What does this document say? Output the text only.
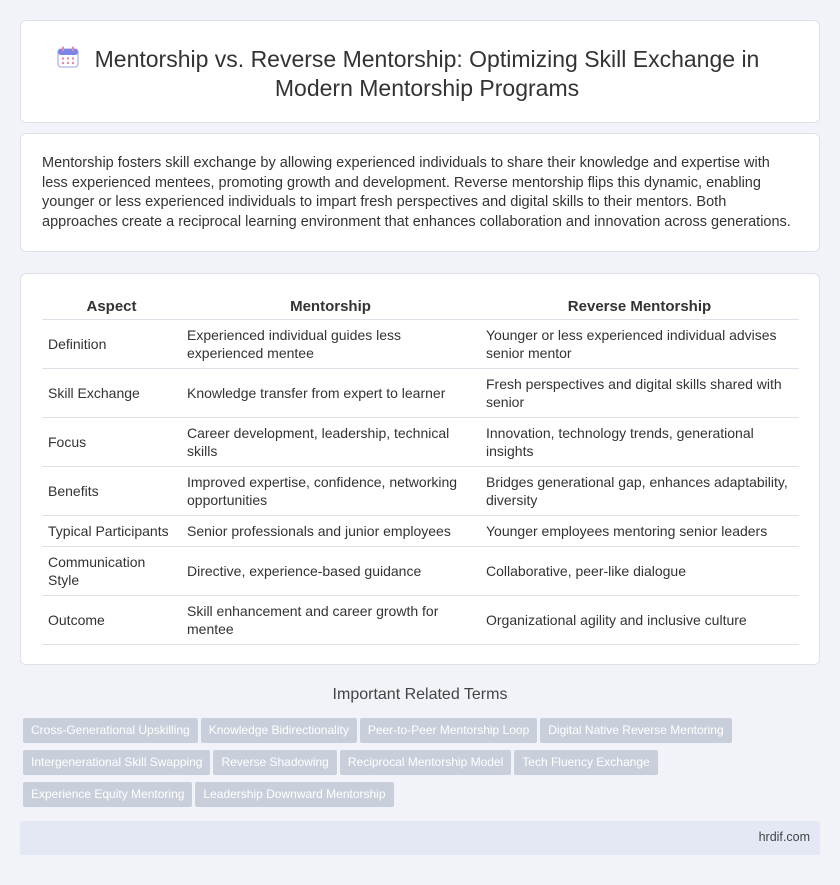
Mentorship vs. Reverse Mentorship: Optimizing Skill Exchange in Modern Mentorship Programs

Mentorship fosters skill exchange by allowing experienced individuals to share their knowledge and expertise with less experienced mentees, promoting growth and development. Reverse mentorship flips this dynamic, enabling younger or less experienced individuals to impart fresh perspectives and digital skills to their mentors. Both approaches create a reciprocal learning environment that enhances collaboration and innovation across generations.

Aspect	Mentorship	Reverse Mentorship
Definition	Experienced individual guides less experienced mentee	Younger or less experienced individual advises senior mentor
Skill Exchange	Knowledge transfer from expert to learner	Fresh perspectives and digital skills shared with senior
Focus	Career development, leadership, technical skills	Innovation, technology trends, generational insights
Benefits	Improved expertise, confidence, networking opportunities	Bridges generational gap, enhances adaptability, diversity
Typical Participants	Senior professionals and junior employees	Younger employees mentoring senior leaders
Communication Style	Directive, experience-based guidance	Collaborative, peer-like dialogue
Outcome	Skill enhancement and career growth for mentee	Organizational agility and inclusive culture
Important Related Terms
Cross-Generational Upskilling Knowledge Bidirectionality Peer-to-Peer Mentorship Loop Digital Native Reverse Mentoring
Intergenerational Skill Swapping Reverse Shadowing Reciprocal Mentorship Model Tech Fluency Exchange
Experience Equity Mentoring Leadership Downward Mentorship
hrdif.com
